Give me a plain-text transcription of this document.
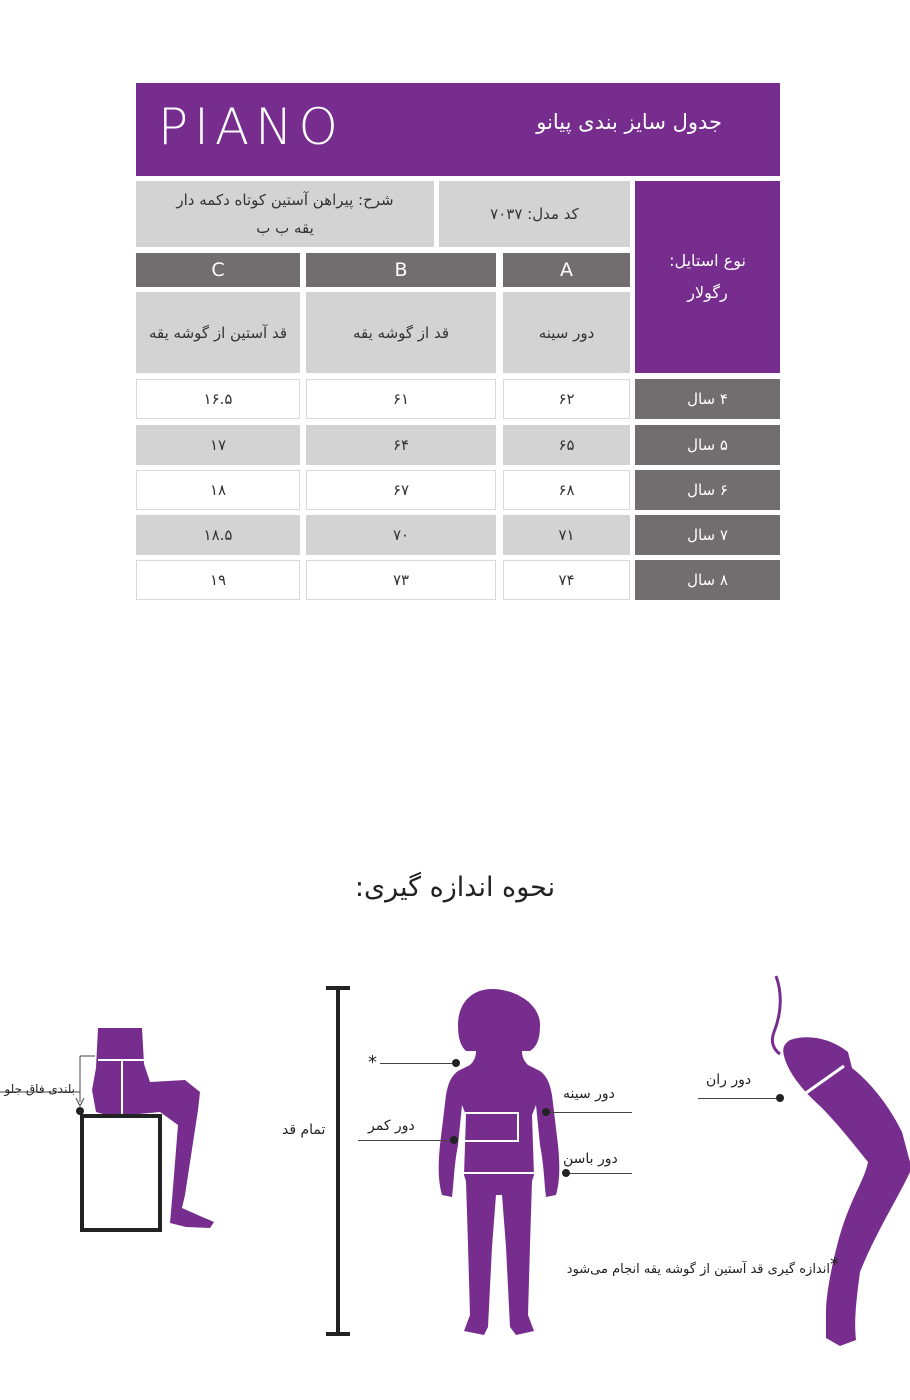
PIANO	جدول سایز بندی پیانو
شرح: پیراهن آستین کوتاه دکمه دار
یقه ب ب
کد مدل: ۷۰۳۷
نوع استایل:
رگولار
C	B	A
قد آستین از گوشه یقه	قد از گوشه یقه	دور سینه
۱۶.۵	۶۱	۶۲	۴ سال
۱۷	۶۴	۶۵	۵ سال
۱۸	۶۷	۶۸	۶ سال
۱۸.۵	۷۰	۷۱	۷ سال
۱۹	۷۳	۷۴	۸ سال
نحوه اندازه گیری:
بلندی فاق جلو
تمام قد
*
دور کمر
دور سینه
دور باسن
دور ران
اندازه گیری قد آستین از گوشه یقه انجام می‌شود *
